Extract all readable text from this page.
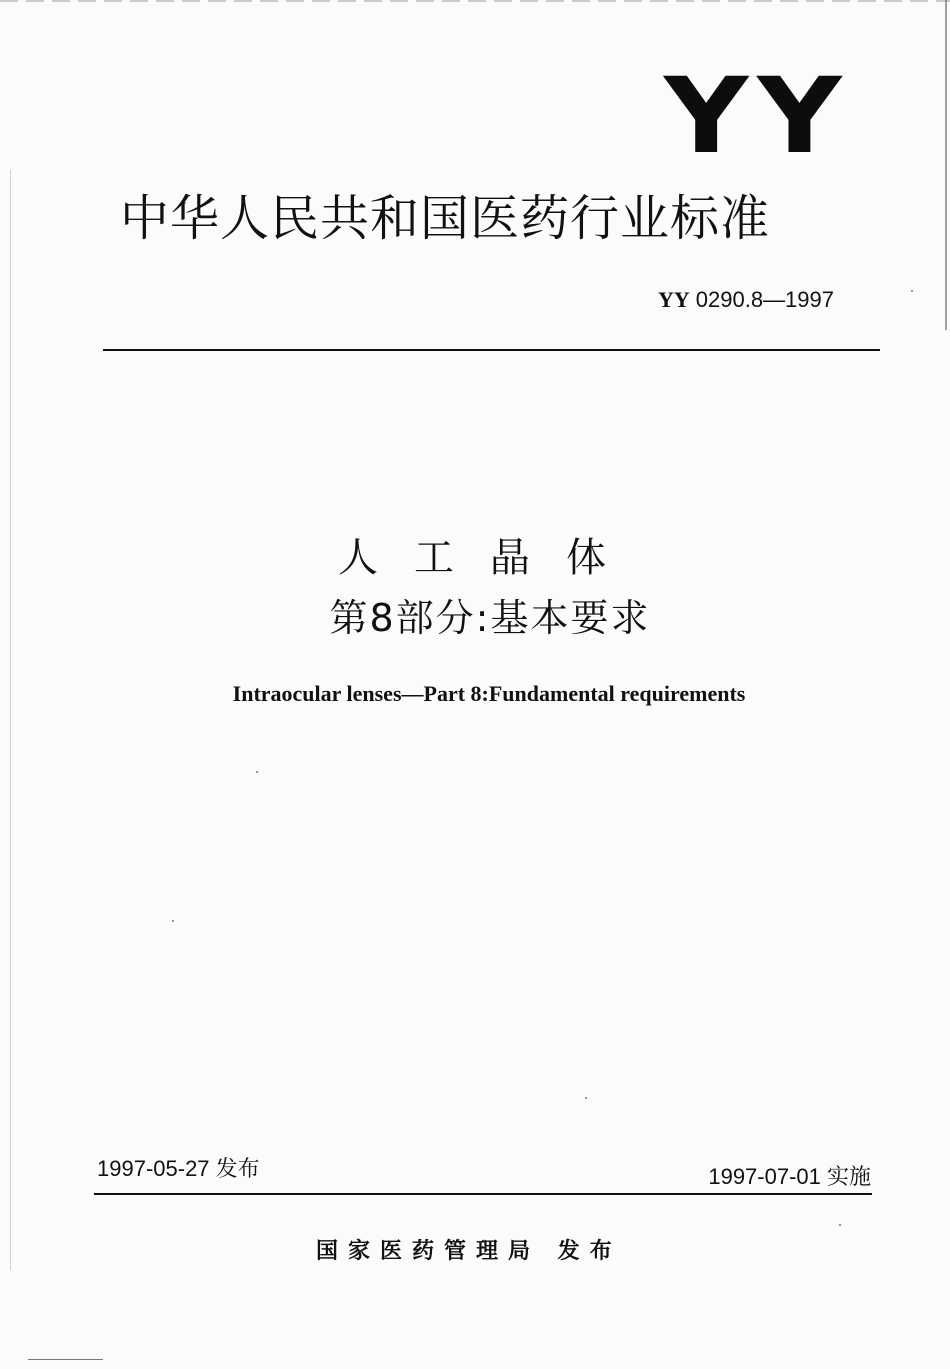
YY
中华人民共和国医药行业标准
YY 0290.8—1997
人工晶体
第8部分:基本要求
Intraocular lenses—Part 8:Fundamental requirements
1997-05-27 发布	1997-07-01 实施
国家医药管理局 发布
